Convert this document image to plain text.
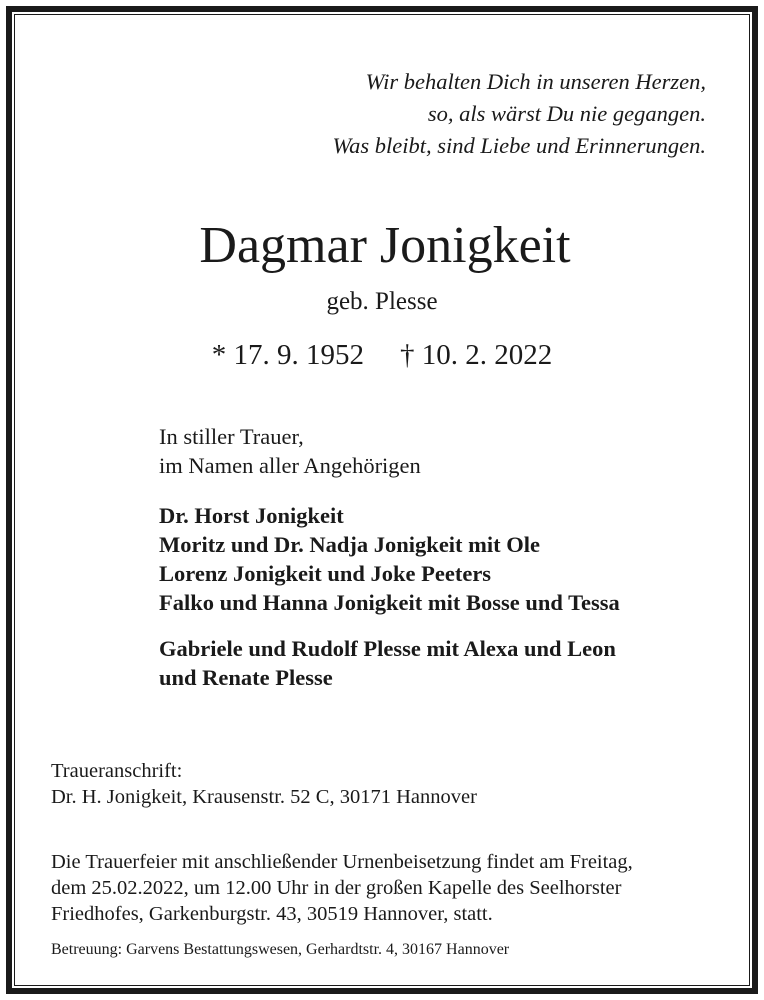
Wir behalten Dich in unseren Herzen,
so, als wärst Du nie gegangen.
Was bleibt, sind Liebe und Erinnerungen.
Dagmar Jonigkeit
geb. Plesse
* 17. 9. 1952 † 10. 2. 2022
In stiller Trauer,
im Namen aller Angehörigen
Dr. Horst Jonigkeit
Moritz und Dr. Nadja Jonigkeit mit Ole
Lorenz Jonigkeit und Joke Peeters
Falko und Hanna Jonigkeit mit Bosse und Tessa
Gabriele und Rudolf Plesse mit Alexa und Leon
und Renate Plesse
Traueranschrift:
Dr. H. Jonigkeit, Krausenstr. 52 C, 30171 Hannover
Die Trauerfeier mit anschließender Urnenbeisetzung findet am Freitag,
dem 25.02.2022, um 12.00 Uhr in der großen Kapelle des Seelhorster
Friedhofes, Garkenburgstr. 43, 30519 Hannover, statt.
Betreuung: Garvens Bestattungswesen, Gerhardtstr. 4, 30167 Hannover
